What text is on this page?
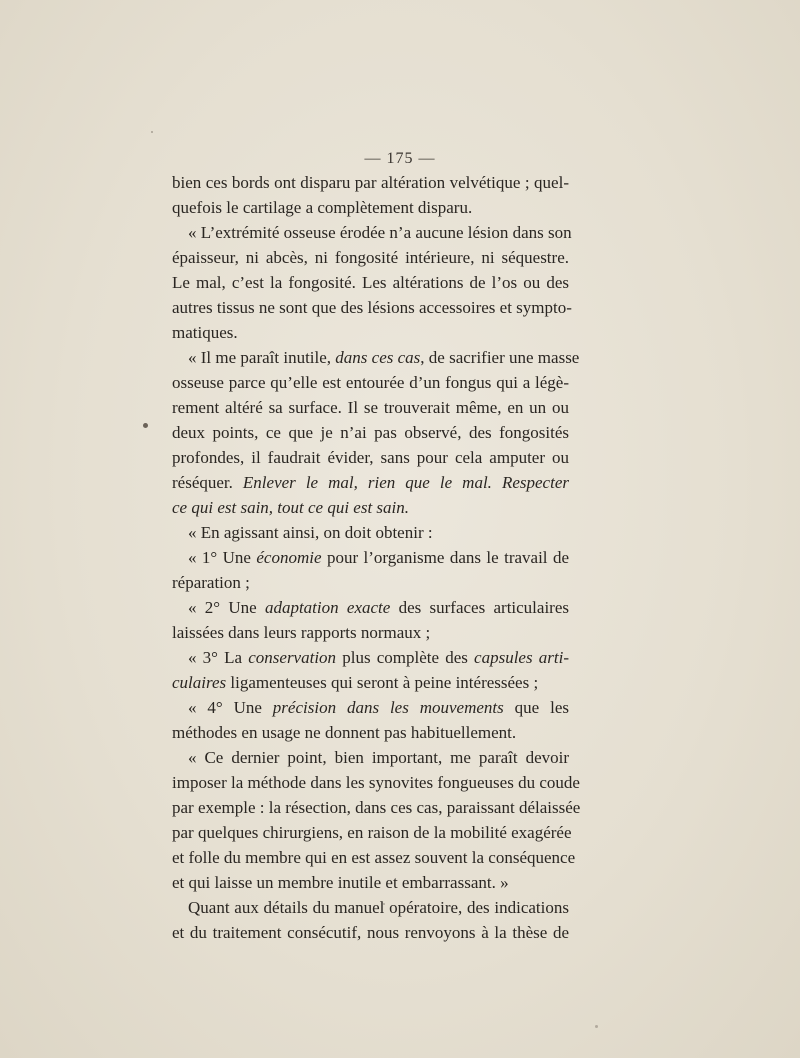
— 175 —
bien ces bords ont disparu par altération velvétique ; quel-
quefois le cartilage a complètement disparu.
« L’extrémité osseuse érodée n’a aucune lésion dans son
épaisseur, ni abcès, ni fongosité intérieure, ni séquestre.
Le mal, c’est la fongosité. Les altérations de l’os ou des
autres tissus ne sont que des lésions accessoires et sympto-
matiques.
« Il me paraît inutile, dans ces cas, de sacrifier une masse
osseuse parce qu’elle est entourée d’un fongus qui a légè-
rement altéré sa surface. Il se trouverait même, en un ou
deux points, ce que je n’ai pas observé, des fongosités
profondes, il faudrait évider, sans pour cela amputer ou
réséquer. Enlever le mal, rien que le mal. Respecter
ce qui est sain, tout ce qui est sain.
« En agissant ainsi, on doit obtenir :
« 1° Une économie pour l’organisme dans le travail de
réparation ;
« 2° Une adaptation exacte des surfaces articulaires
laissées dans leurs rapports normaux ;
« 3° La conservation plus complète des capsules arti-
culaires ligamenteuses qui seront à peine intéressées ;
« 4° Une précision dans les mouvements que les
méthodes en usage ne donnent pas habituellement.
« Ce dernier point, bien important, me paraît devoir
imposer la méthode dans les synovites fongueuses du coude
par exemple : la résection, dans ces cas, paraissant délaissée
par quelques chirurgiens, en raison de la mobilité exagérée
et folle du membre qui en est assez souvent la conséquence
et qui laisse un membre inutile et embarrassant. »
Quant aux détails du manuel opératoire, des indications
et du traitement consécutif, nous renvoyons à la thèse de
